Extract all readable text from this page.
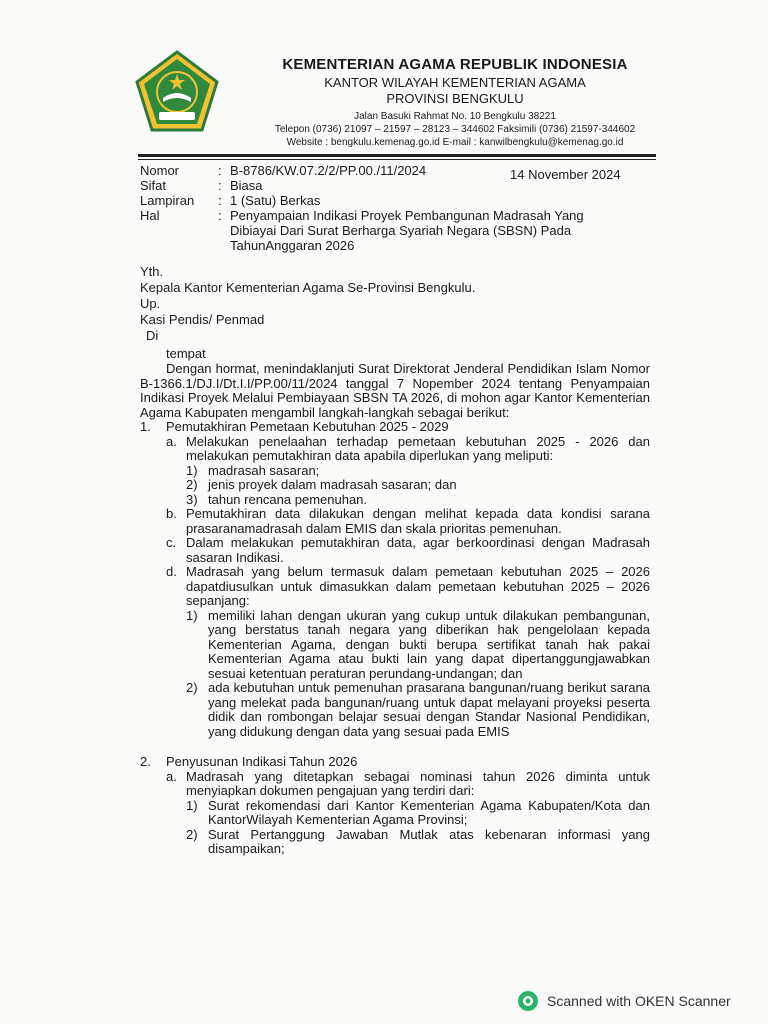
KEMENTERIAN AGAMA REPUBLIK INDONESIA
KANTOR WILAYAH KEMENTERIAN AGAMA
PROVINSI BENGKULU
Jalan Basuki Rahmat No. 10 Bengkulu 38221
Telepon (0736) 21097 – 21597 – 28123 – 344602 Faksimili (0736) 21597-344602
Website : bengkulu.kemenag.go.id E-mail : kanwilbengkulu@kemenag.go.id
Nomor	: B-8786/KW.07.2/2/PP.00./11/2024
Sifat	: Biasa
Lampiran	: 1 (Satu) Berkas
Hal	: Penyampaian Indikasi Proyek Pembangunan Madrasah Yang Dibiayai Dari Surat Berharga Syariah Negara (SBSN) Pada TahunAnggaran 2026
14 November 2024
Yth.
Kepala Kantor Kementerian Agama Se-Provinsi Bengkulu.
Up.
Kasi Pendis/ Penmad
Di
tempat
Dengan hormat, menindaklanjuti Surat Direktorat Jenderal Pendidikan Islam Nomor B-1366.1/DJ.I/Dt.I.I/PP.00/11/2024 tanggal 7 Nopember 2024 tentang Penyampaian Indikasi Proyek Melalui Pembiayaan SBSN TA 2026, di mohon agar Kantor Kementerian Agama Kabupaten mengambil langkah-langkah sebagai berikut:
1.	Pemutakhiran Pemetaan Kebutuhan 2025 - 2029
a. Melakukan penelaahan terhadap pemetaan kebutuhan 2025 - 2026 dan melakukan pemutakhiran data apabila diperlukan yang meliputi:
1) madrasah sasaran;
2) jenis proyek dalam madrasah sasaran; dan
3) tahun rencana pemenuhan.
b. Pemutakhiran data dilakukan dengan melihat kepada data kondisi sarana prasaranamadrasah dalam EMIS dan skala prioritas pemenuhan.
c. Dalam melakukan pemutakhiran data, agar berkoordinasi dengan Madrasah sasaran Indikasi.
d. Madrasah yang belum termasuk dalam pemetaan kebutuhan 2025 – 2026 dapatdiusulkan untuk dimasukkan dalam pemetaan kebutuhan 2025 – 2026 sepanjang:
1) memiliki lahan dengan ukuran yang cukup untuk dilakukan pembangunan, yang berstatus tanah negara yang diberikan hak pengelolaan kepada Kementerian Agama, dengan bukti berupa sertifikat tanah hak pakai Kementerian Agama atau bukti lain yang dapat dipertanggungjawabkan sesuai ketentuan peraturan perundang-undangan; dan
2) ada kebutuhan untuk pemenuhan prasarana bangunan/ruang berikut sarana yang melekat pada bangunan/ruang untuk dapat melayani proyeksi peserta didik dan rombongan belajar sesuai dengan Standar Nasional Pendidikan, yang didukung dengan data yang sesuai pada EMIS
2.	Penyusunan Indikasi Tahun 2026
a. Madrasah yang ditetapkan sebagai nominasi tahun 2026 diminta untuk menyiapkan dokumen pengajuan yang terdiri dari:
1) Surat rekomendasi dari Kantor Kementerian Agama Kabupaten/Kota dan KantorWilayah Kementerian Agama Provinsi;
2) Surat Pertanggung Jawaban Mutlak atas kebenaran informasi yang disampaikan;
Scanned with OKEN Scanner
